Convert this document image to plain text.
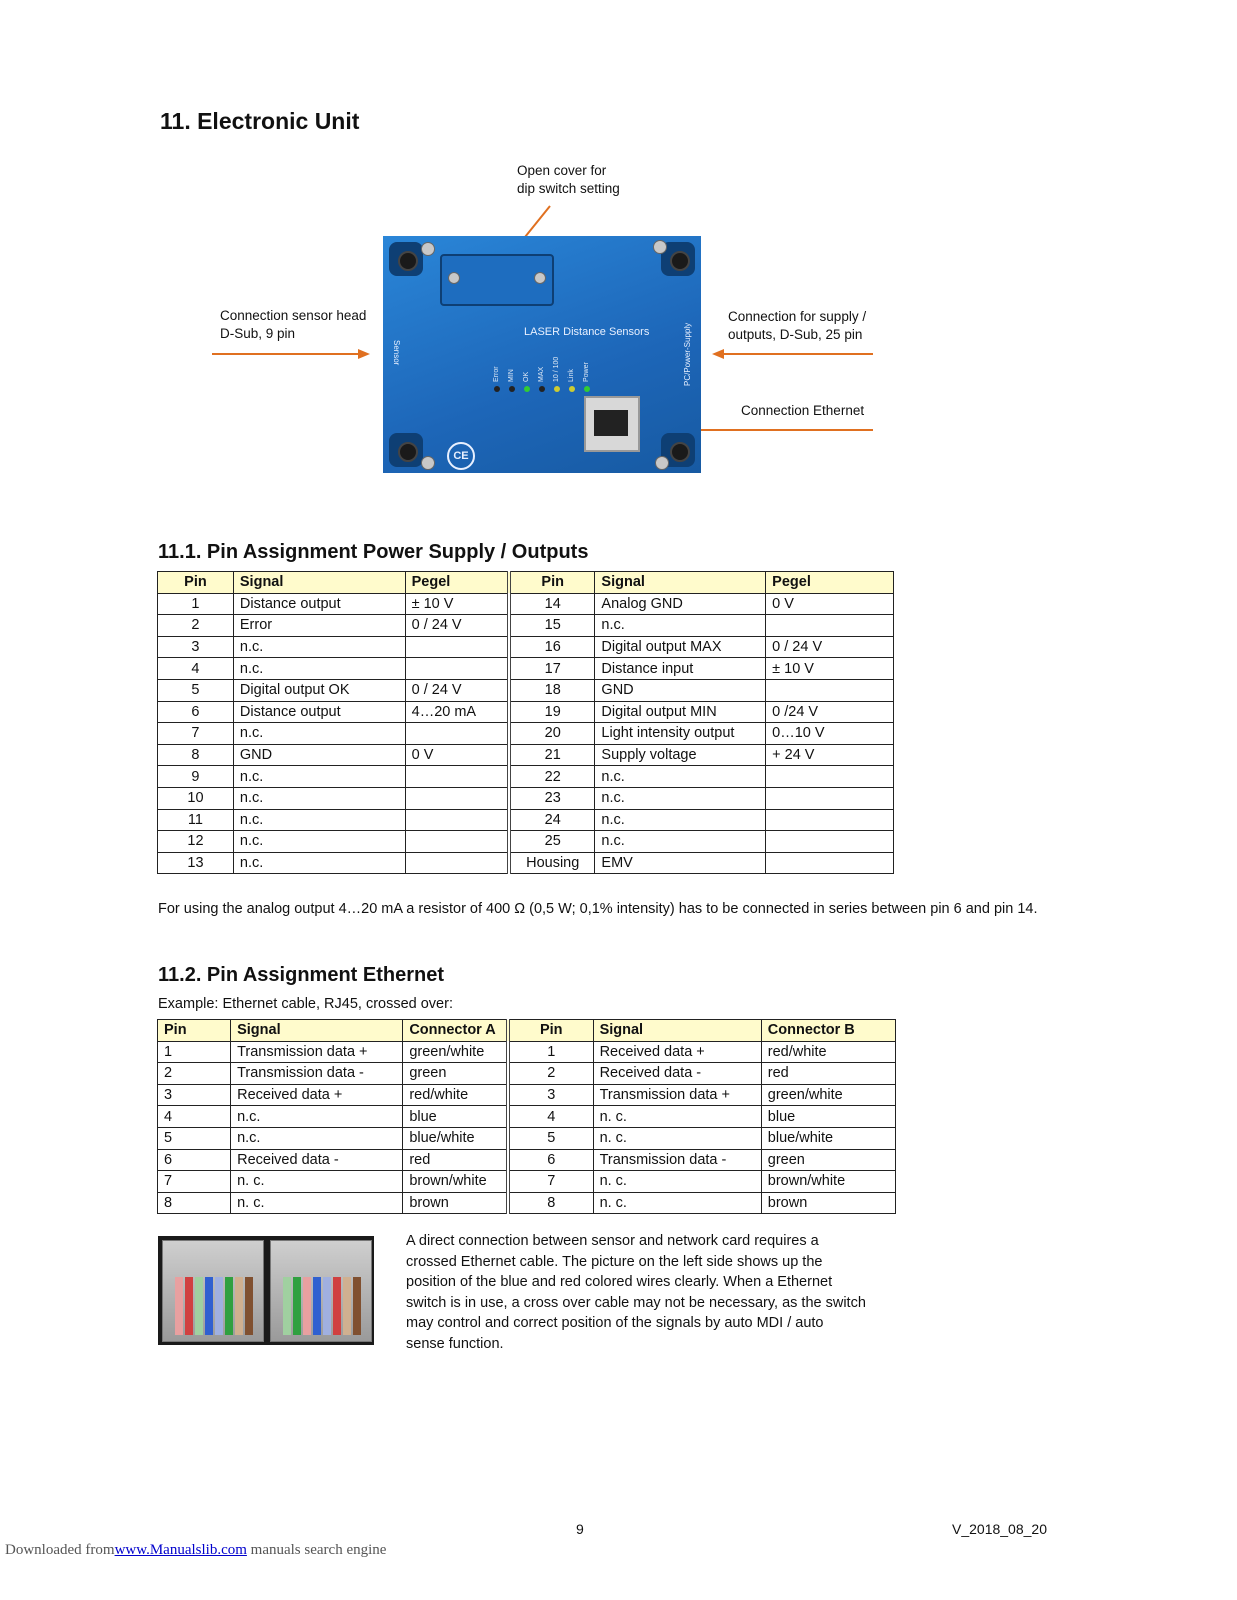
11. Electronic Unit
Open cover for
dip switch setting
Connection sensor head
D-Sub, 9 pin
Connection for supply /
outputs, D-Sub, 25 pin
Connection Ethernet
LASER Distance Sensors
Sensor	PC/Power-Supply
Error MIN OK MAX 10 / 100 Link Power
CE
11.1. Pin Assignment Power Supply / Outputs
Pin	Signal	Pegel	Pin	Signal	Pegel
1	Distance output	± 10 V	14	Analog GND	0 V
2	Error	0 / 24 V	15	n.c.	
3	n.c.		16	Digital output MAX	0 / 24 V
4	n.c.		17	Distance input	± 10 V
5	Digital output OK	0 / 24 V	18	GND	
6	Distance output	4…20 mA	19	Digital output MIN	0 /24 V
7	n.c.		20	Light intensity output	0…10 V
8	GND	0 V	21	Supply voltage	+ 24 V
9	n.c.		22	n.c.	
10	n.c.		23	n.c.	
11	n.c.		24	n.c.	
12	n.c.		25	n.c.	
13	n.c.		Housing	EMV	

For using the analog output 4…20 mA a resistor of 400 Ω (0,5 W; 0,1% intensity) has to be connected in series between pin 6 and pin 14.

11.2. Pin Assignment Ethernet

Example: Ethernet cable, RJ45, crossed over:

Pin	Signal	Connector A	Pin	Signal	Connector B
1	Transmission data +	green/white	1	Received data +	red/white
2	Transmission data -	green	2	Received data -	red
3	Received data +	red/white	3	Transmission data +	green/white
4	n.c.	blue	4	n. c.	blue
5	n.c.	blue/white	5	n. c.	blue/white
6	Received data -	red	6	Transmission data -	green
7	n. c.	brown/white	7	n. c.	brown/white
8	n. c.	brown	8	n. c.	brown
A direct connection between sensor and network card requires a
crossed Ethernet cable. The picture on the left side shows up the
position of the blue and red colored wires clearly. When a Ethernet
switch is in use, a cross over cable may not be necessary, as the switch
may control and correct position of the signals by auto MDI / auto
sense function.
9	V_2018_08_20
Downloaded fromwww.Manualslib.com manuals search engine
